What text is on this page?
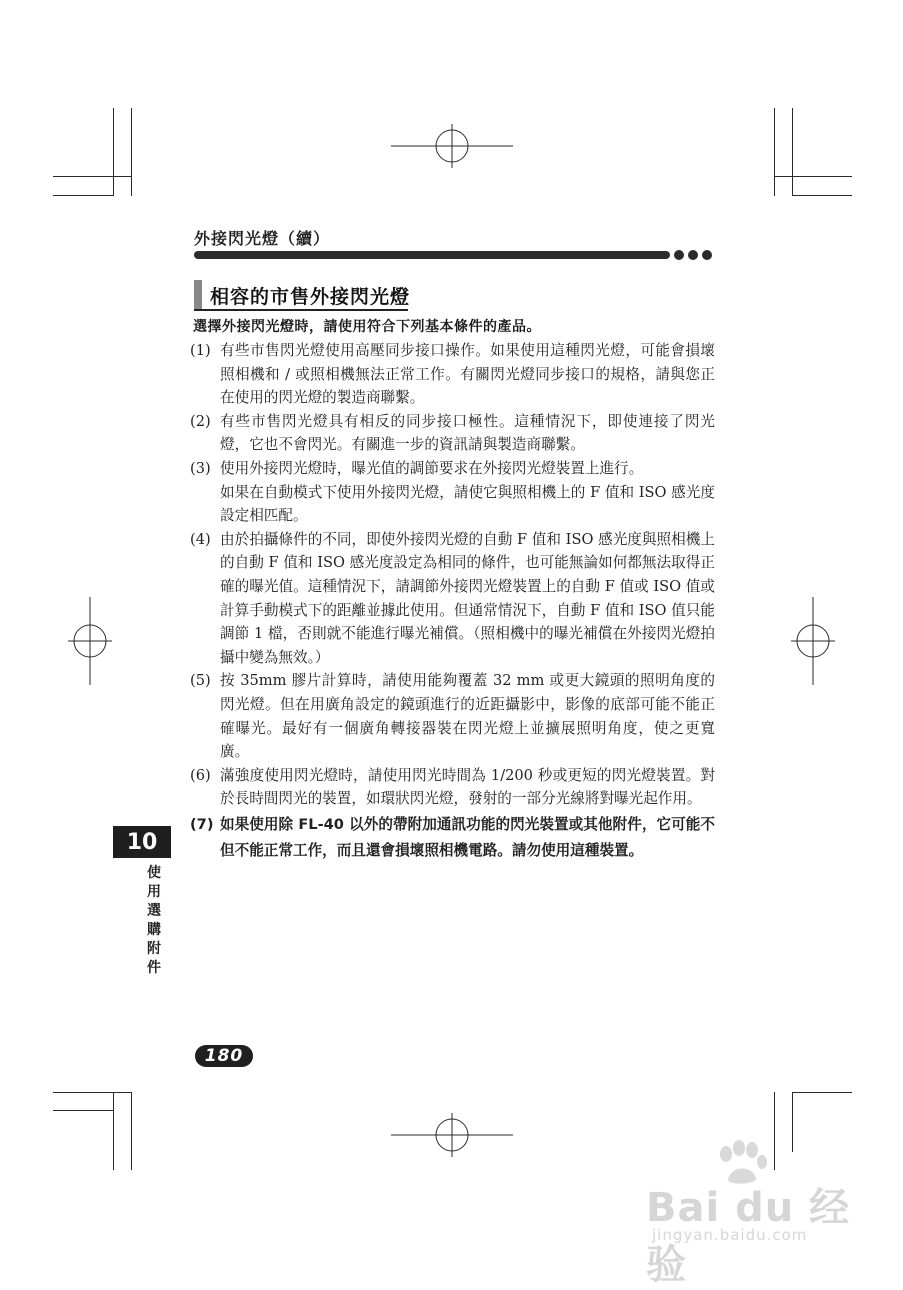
外接閃光燈（續）
相容的市售外接閃光燈
選擇外接閃光燈時，請使用符合下列基本條件的產品。
(1) 有些市售閃光燈使用高壓同步接口操作。如果使用這種閃光燈，可能會損壞照相機和 / 或照相機無法正常工作。有關閃光燈同步接口的規格，請與您正在使用的閃光燈的製造商聯繫。

(2) 有些市售閃光燈具有相反的同步接口極性。這種情況下，即使連接了閃光燈，它也不會閃光。有關進一步的資訊請與製造商聯繫。

(3) 使用外接閃光燈時，曝光值的調節要求在外接閃光燈裝置上進行。

如果在自動模式下使用外接閃光燈，請使它與照相機上的 F 值和 ISO 感光度設定相匹配。

(4) 由於拍攝條件的不同，即使外接閃光燈的自動 F 值和 ISO 感光度與照相機上的自動 F 值和 ISO 感光度設定為相同的條件，也可能無論如何都無法取得正確的曝光值。這種情況下，請調節外接閃光燈裝置上的自動 F 值或 ISO 值或計算手動模式下的距離並據此使用。但通常情況下，自動 F 值和 ISO 值只能調節 1 檔，否則就不能進行曝光補償。（照相機中的曝光補償在外接閃光燈拍攝中變為無效。）

(5) 按 35mm 膠片計算時，請使用能夠覆蓋 32 mm 或更大鏡頭的照明角度的閃光燈。但在用廣角設定的鏡頭進行的近距攝影中，影像的底部可能不能正確曝光。最好有一個廣角轉接器裝在閃光燈上並擴展照明角度，使之更寬廣。

(6) 滿強度使用閃光燈時，請使用閃光時間為 1/200 秒或更短的閃光燈裝置。對於長時間閃光的裝置，如環狀閃光燈，發射的一部分光線將對曝光起作用。

(7) 如果使用除 FL-40 以外的帶附加通訊功能的閃光裝置或其他附件，它可能不但不能正常工作，而且還會損壞照相機電路。請勿使用這種裝置。

10
使
用
選
購
附
件
180
Bai du 经验
jingyan.baidu.com
